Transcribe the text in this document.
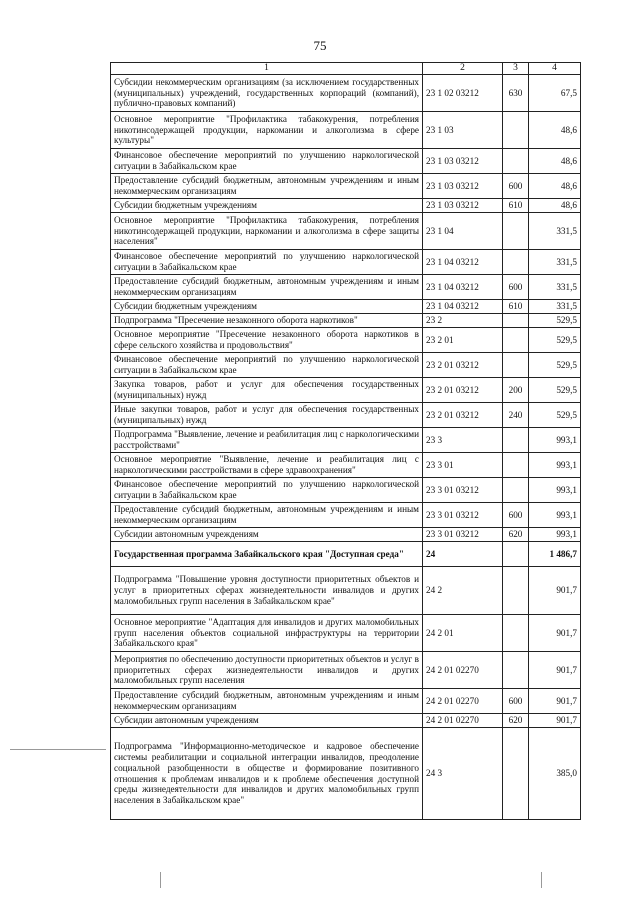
75
1	2	3	4
Субсидии некоммерческим организациям (за исключением государственных (муниципальных) учреждений, государственных корпораций (компаний), публично-правовых компаний)	23 1 02 03212	630	67,5
Основное мероприятие "Профилактика табакокурения, потребления никотинсодержащей продукции, наркомании и алкоголизма в сфере культуры"	23 1 03		48,6
Финансовое обеспечение мероприятий по улучшению наркологической ситуации в Забайкальском крае	23 1 03 03212		48,6
Предоставление субсидий бюджетным, автономным учреждениям и иным некоммерческим организациям	23 1 03 03212	600	48,6
Субсидии бюджетным учреждениям	23 1 03 03212	610	48,6
Основное мероприятие "Профилактика табакокурения, потребления никотинсодержащей продукции, наркомании и алкоголизма в сфере защиты населения"	23 1 04		331,5
Финансовое обеспечение мероприятий по улучшению наркологической ситуации в Забайкальском крае	23 1 04 03212		331,5
Предоставление субсидий бюджетным, автономным учреждениям и иным некоммерческим организациям	23 1 04 03212	600	331,5
Субсидии бюджетным учреждениям	23 1 04 03212	610	331,5
Подпрограмма "Пресечение незаконного оборота наркотиков"	23 2		529,5
Основное мероприятие "Пресечение незаконного оборота наркотиков в сфере сельского хозяйства и продовольствия"	23 2 01		529,5
Финансовое обеспечение мероприятий по улучшению наркологической ситуации в Забайкальском крае	23 2 01 03212		529,5
Закупка товаров, работ и услуг для обеспечения государственных (муниципальных) нужд	23 2 01 03212	200	529,5
Иные закупки товаров, работ и услуг для обеспечения государственных (муниципальных) нужд	23 2 01 03212	240	529,5
Подпрограмма "Выявление, лечение и реабилитация лиц с наркологическими расстройствами"	23 3		993,1
Основное мероприятие "Выявление, лечение и реабилитация лиц с наркологическими расстройствами в сфере здравоохранения"	23 3 01		993,1
Финансовое обеспечение мероприятий по улучшению наркологической ситуации в Забайкальском крае	23 3 01 03212		993,1
Предоставление субсидий бюджетным, автономным учреждениям и иным некоммерческим организациям	23 3 01 03212	600	993,1
Субсидии автономным учреждениям	23 3 01 03212	620	993,1
Государственная программа Забайкальского края "Доступная среда"	24		1 486,7
Подпрограмма "Повышение уровня доступности приоритетных объектов и услуг в приоритетных сферах жизнедеятельности инвалидов и других маломобильных групп населения в Забайкальском крае"	24 2		901,7
Основное мероприятие "Адаптация для инвалидов и других маломобильных групп населения объектов социальной инфраструктуры на территории Забайкальского края"	24 2 01		901,7
Мероприятия по обеспечению доступности приоритетных объектов и услуг в приоритетных сферах жизнедеятельности инвалидов и других маломобильных групп населения	24 2 01 02270		901,7
Предоставление субсидий бюджетным, автономным учреждениям и иным некоммерческим организациям	24 2 01 02270	600	901,7
Субсидии автономным учреждениям	24 2 01 02270	620	901,7
Подпрограмма "Информационно-методическое и кадровое обеспечение системы реабилитации и социальной интеграции инвалидов, преодоление социальной разобщенности в обществе и формирование позитивного отношения к проблемам инвалидов и к проблеме обеспечения доступной среды жизнедеятельности для инвалидов и других маломобильных групп населения в Забайкальском крае"	24 3		385,0
